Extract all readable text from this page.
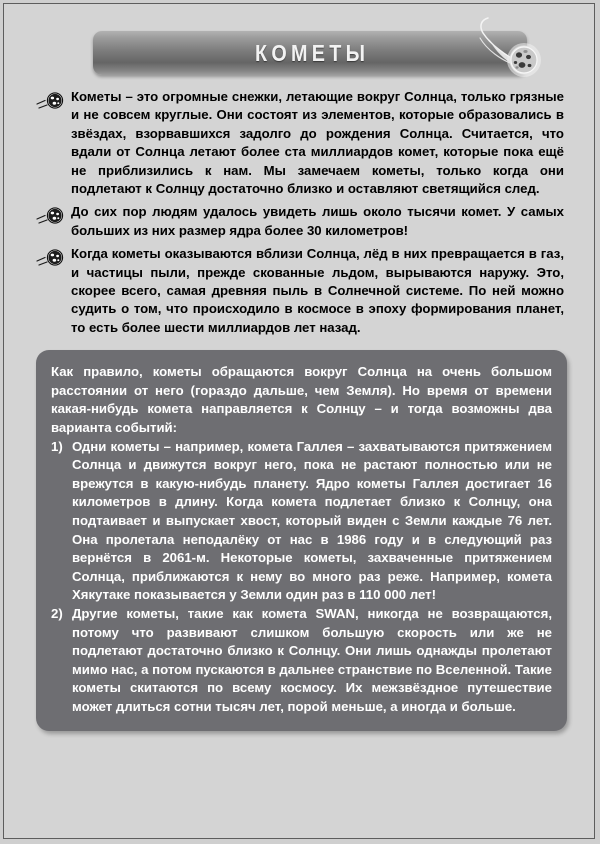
КОМЕТЫ
Кометы – это огромные снежки, летающие вокруг Солнца, только грязные и не совсем круглые. Они состоят из элементов, которые образовались в звёздах, взорвавшихся задолго до рождения Солнца. Считается, что вдали от Солнца летают более ста миллиардов комет, которые пока ещё не приблизились к нам. Мы замечаем кометы, только когда они подлетают к Солнцу достаточно близко и оставляют светящийся след.
До сих пор людям удалось увидеть лишь около тысячи комет. У самых больших из них размер ядра более 30 километров!
Когда кометы оказываются вблизи Солнца, лёд в них превращается в газ, и частицы пыли, прежде скованные льдом, вырываются наружу. Это, скорее всего, самая древняя пыль в Солнечной системе. По ней можно судить о том, что происходило в космосе в эпоху формирования планет, то есть более шести миллиардов лет назад.

Как правило, кометы обращаются вокруг Солнца на очень большом расстоянии от него (гораздо дальше, чем Земля). Но время от времени какая-нибудь комета направляется к Солнцу – и тогда возможны два варианта событий:

1) Одни кометы – например, комета Галлея – захватываются притяжением Солнца и движутся вокруг него, пока не растают полностью или не врежутся в какую-нибудь планету. Ядро кометы Галлея достигает 16 километров в длину. Когда комета подлетает близко к Солнцу, она подтаивает и выпускает хвост, который виден с Земли каждые 76 лет. Она пролетала неподалёку от нас в 1986 году и в следующий раз вернётся в 2061-м. Некоторые кометы, захваченные притяжением Солнца, приближаются к нему во много раз реже. Например, комета Хякутаке показывается у Земли один раз в 110 000 лет!
2) Другие кометы, такие как комета SWAN, никогда не возвращаются, потому что развивают слишком большую скорость или же не подлетают достаточно близко к Солнцу. Они лишь однажды пролетают мимо нас, а потом пускаются в дальнее странствие по Вселенной. Такие кометы скитаются по всему космосу. Их межзвёздное путешествие может длиться сотни тысяч лет, порой меньше, а иногда и больше.
